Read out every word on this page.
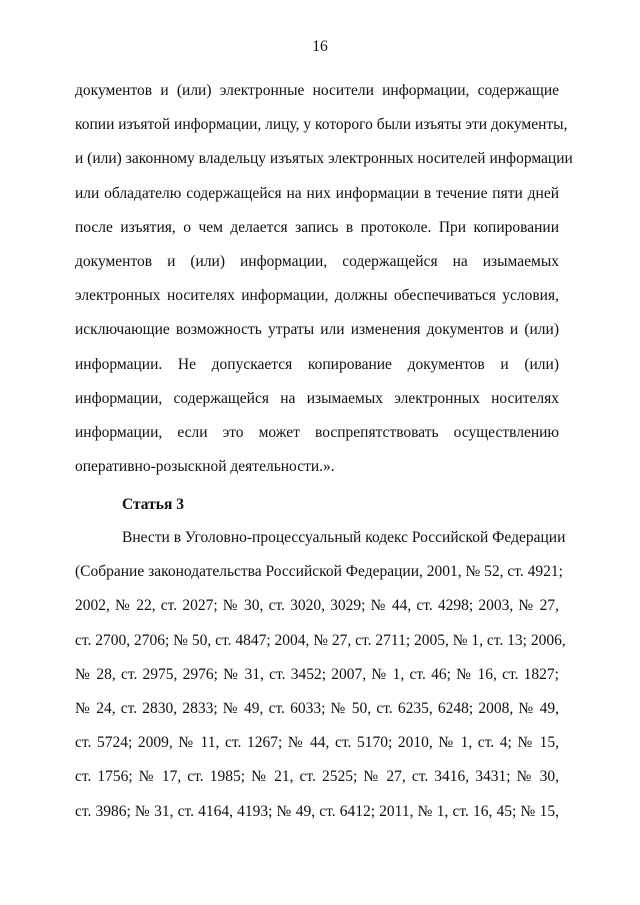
16
документов и (или) электронные носители информации, содержащие
копии изъятой информации, лицу, у которого были изъяты эти документы,
и (или) законному владельцу изъятых электронных носителей информации
или обладателю содержащейся на них информации в течение пяти дней
после изъятия, о чем делается запись в протоколе. При копировании
документов и (или) информации, содержащейся на изымаемых
электронных носителях информации, должны обеспечиваться условия,
исключающие возможность утраты или изменения документов и (или)
информации. Не допускается копирование документов и (или)
информации, содержащейся на изымаемых электронных носителях
информации, если это может воспрепятствовать осуществлению
оперативно-розыскной деятельности.».
Статья 3
Внести в Уголовно-процессуальный кодекс Российской Федерации
(Собрание законодательства Российской Федерации, 2001, № 52, ст. 4921;
2002, № 22, ст. 2027; № 30, ст. 3020, 3029; № 44, ст. 4298; 2003, № 27,
ст. 2700, 2706; № 50, ст. 4847; 2004, № 27, ст. 2711; 2005, № 1, ст. 13; 2006,
№ 28, ст. 2975, 2976; № 31, ст. 3452; 2007, № 1, ст. 46; № 16, ст. 1827;
№ 24, ст. 2830, 2833; № 49, ст. 6033; № 50, ст. 6235, 6248; 2008, № 49,
ст. 5724; 2009, № 11, ст. 1267; № 44, ст. 5170; 2010, № 1, ст. 4; № 15,
ст. 1756; № 17, ст. 1985; № 21, ст. 2525; № 27, ст. 3416, 3431; № 30,
ст. 3986; № 31, ст. 4164, 4193; № 49, ст. 6412; 2011, № 1, ст. 16, 45; № 15,
